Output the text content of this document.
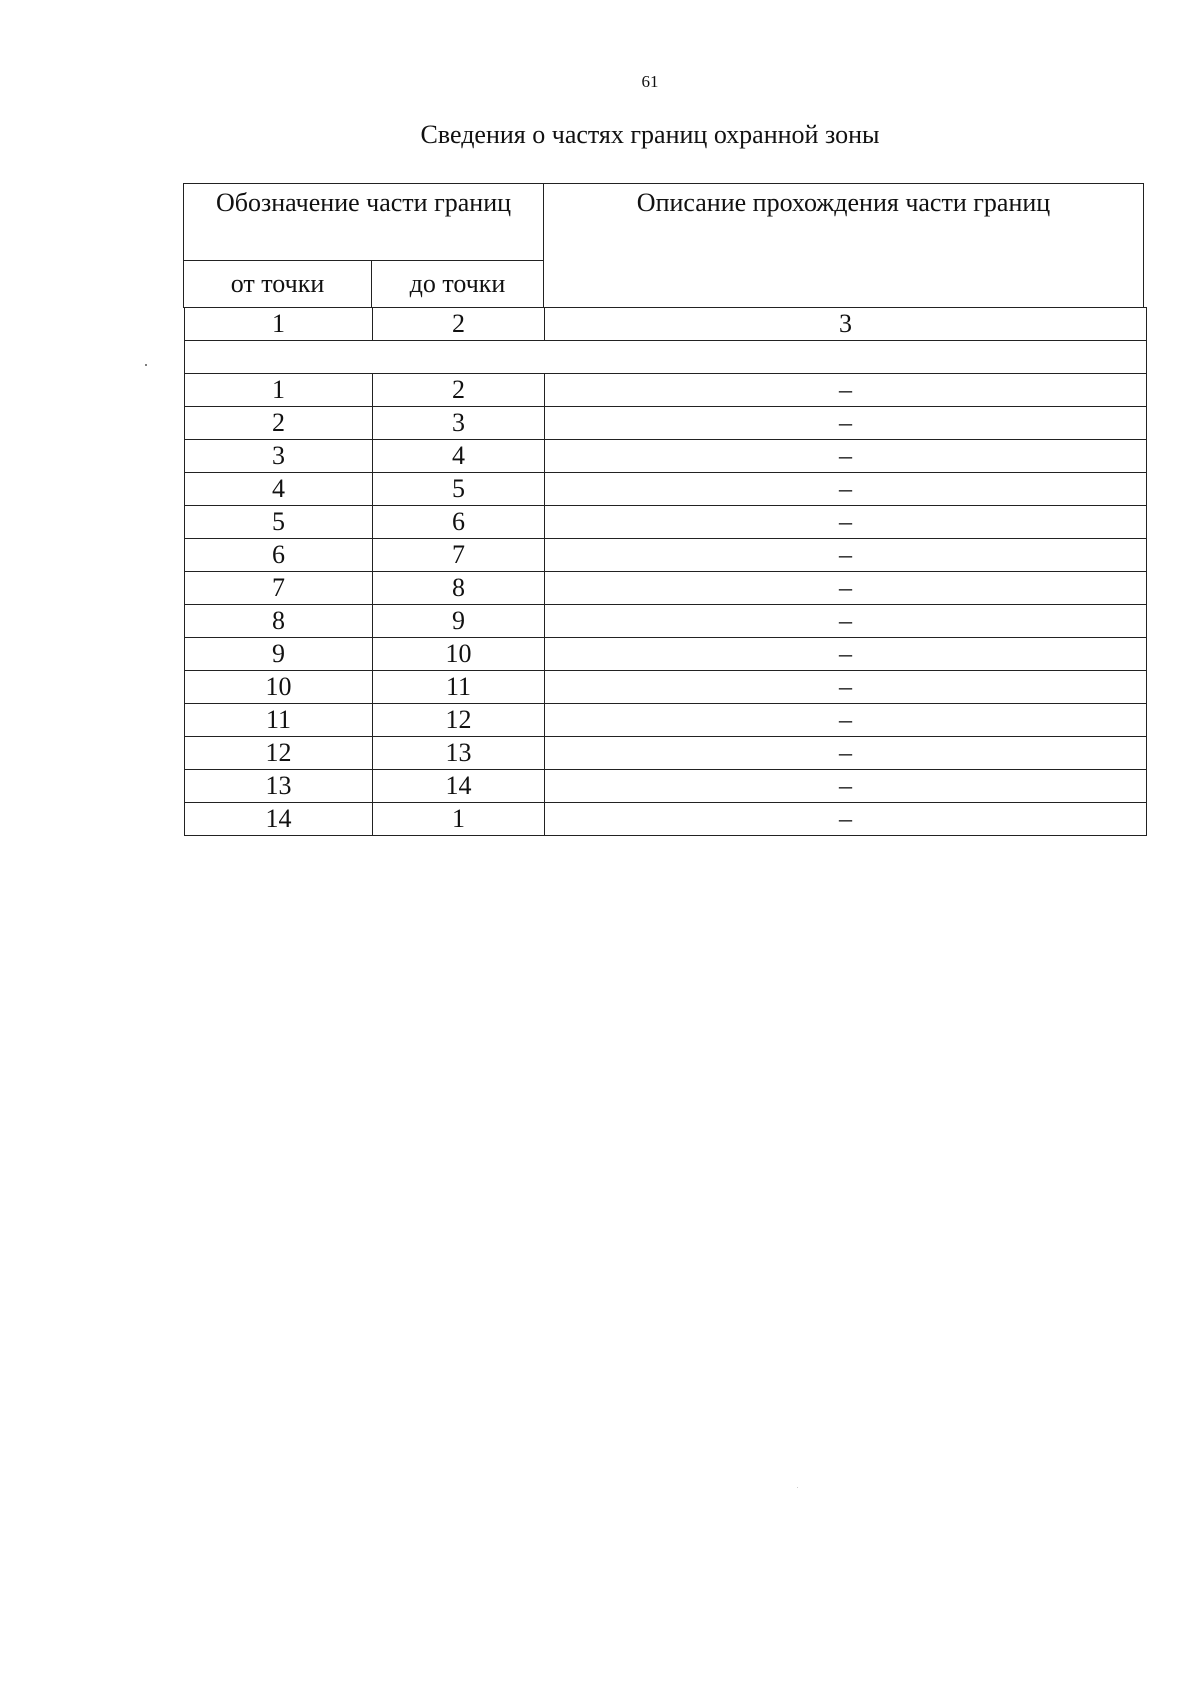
61
Сведения о частях границ охранной зоны
Обозначение части границ		Описание прохождения части границ
от точки	до точки	
1	2	3

1	2	–
2	3	–
3	4	–
4	5	–
5	6	–
6	7	–
7	8	–
8	9	–
9	10	–
10	11	–
11	12	–
12	13	–
13	14	–
14	1	–
